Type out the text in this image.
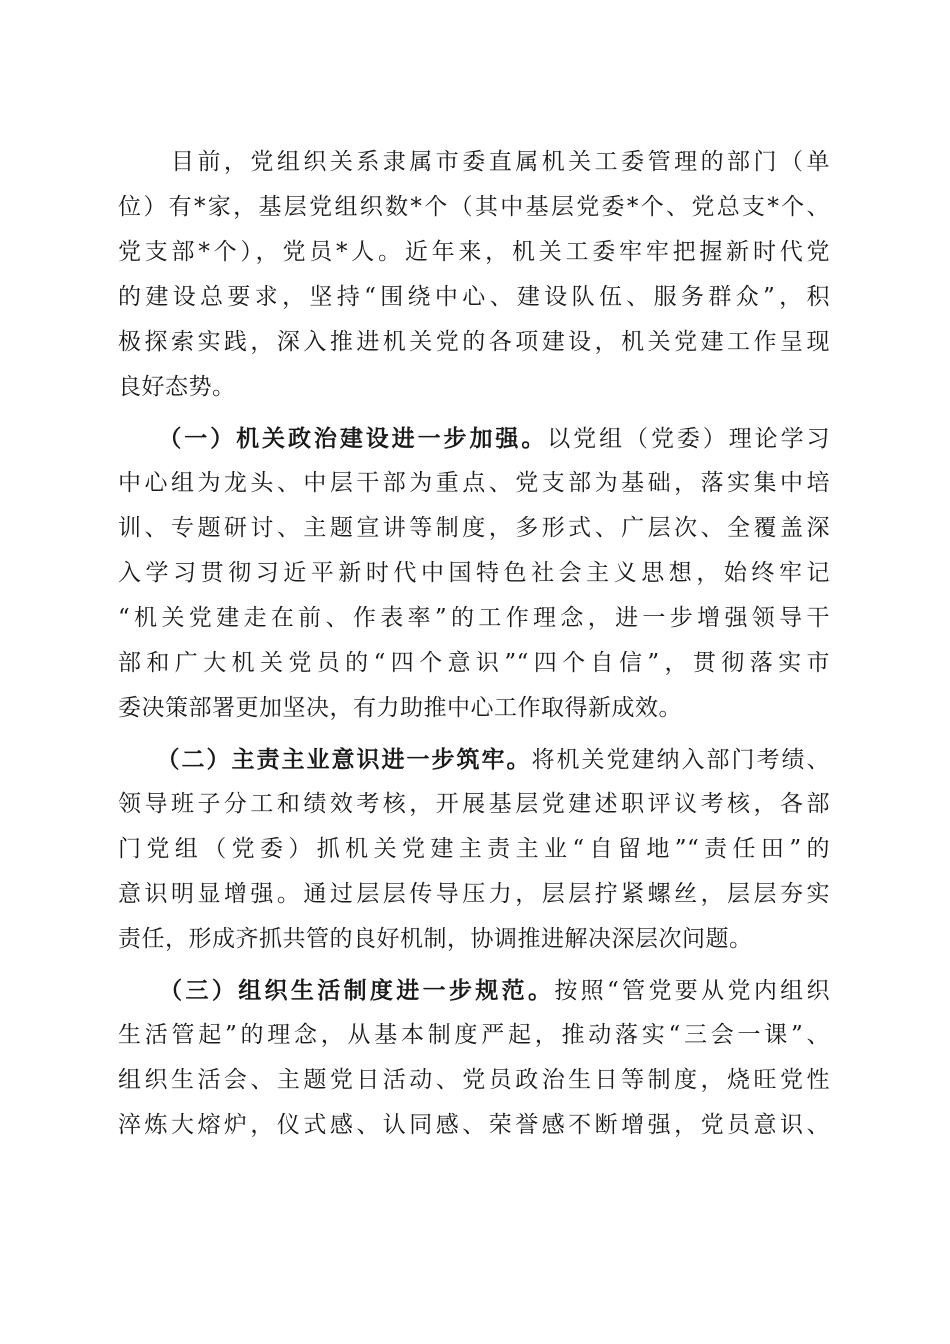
　　目前，党组织关系隶属市委直属机关工委管理的部门（单
位）有*家，基层党组织数*个（其中基层党委*个、党总支*个、
党支部*个），党员*人。近年来，机关工委牢牢把握新时代党
的建设总要求，坚持“围绕中心、建设队伍、服务群众”，积
极探索实践，深入推进机关党的各项建设，机关党建工作呈现
良好态势。
　　（一）机关政治建设进一步加强。以党组（党委）理论学习
中心组为龙头、中层干部为重点、党支部为基础，落实集中培
训、专题研讨、主题宣讲等制度，多形式、广层次、全覆盖深
入学习贯彻习近平新时代中国特色社会主义思想，始终牢记
“机关党建走在前、作表率”的工作理念，进一步增强领导干
部和广大机关党员的“四个意识”“四个自信”，贯彻落实市
委决策部署更加坚决，有力助推中心工作取得新成效。
　　（二）主责主业意识进一步筑牢。将机关党建纳入部门考绩、
领导班子分工和绩效考核，开展基层党建述职评议考核，各部
门党组（党委）抓机关党建主责主业“自留地”“责任田”的
意识明显增强。通过层层传导压力，层层拧紧螺丝，层层夯实
责任，形成齐抓共管的良好机制，协调推进解决深层次问题。
　　（三）组织生活制度进一步规范。按照“管党要从党内组织
生活管起”的理念，从基本制度严起，推动落实“三会一课”、
组织生活会、主题党日活动、党员政治生日等制度，烧旺党性
淬炼大熔炉，仪式感、认同感、荣誉感不断增强，党员意识、
